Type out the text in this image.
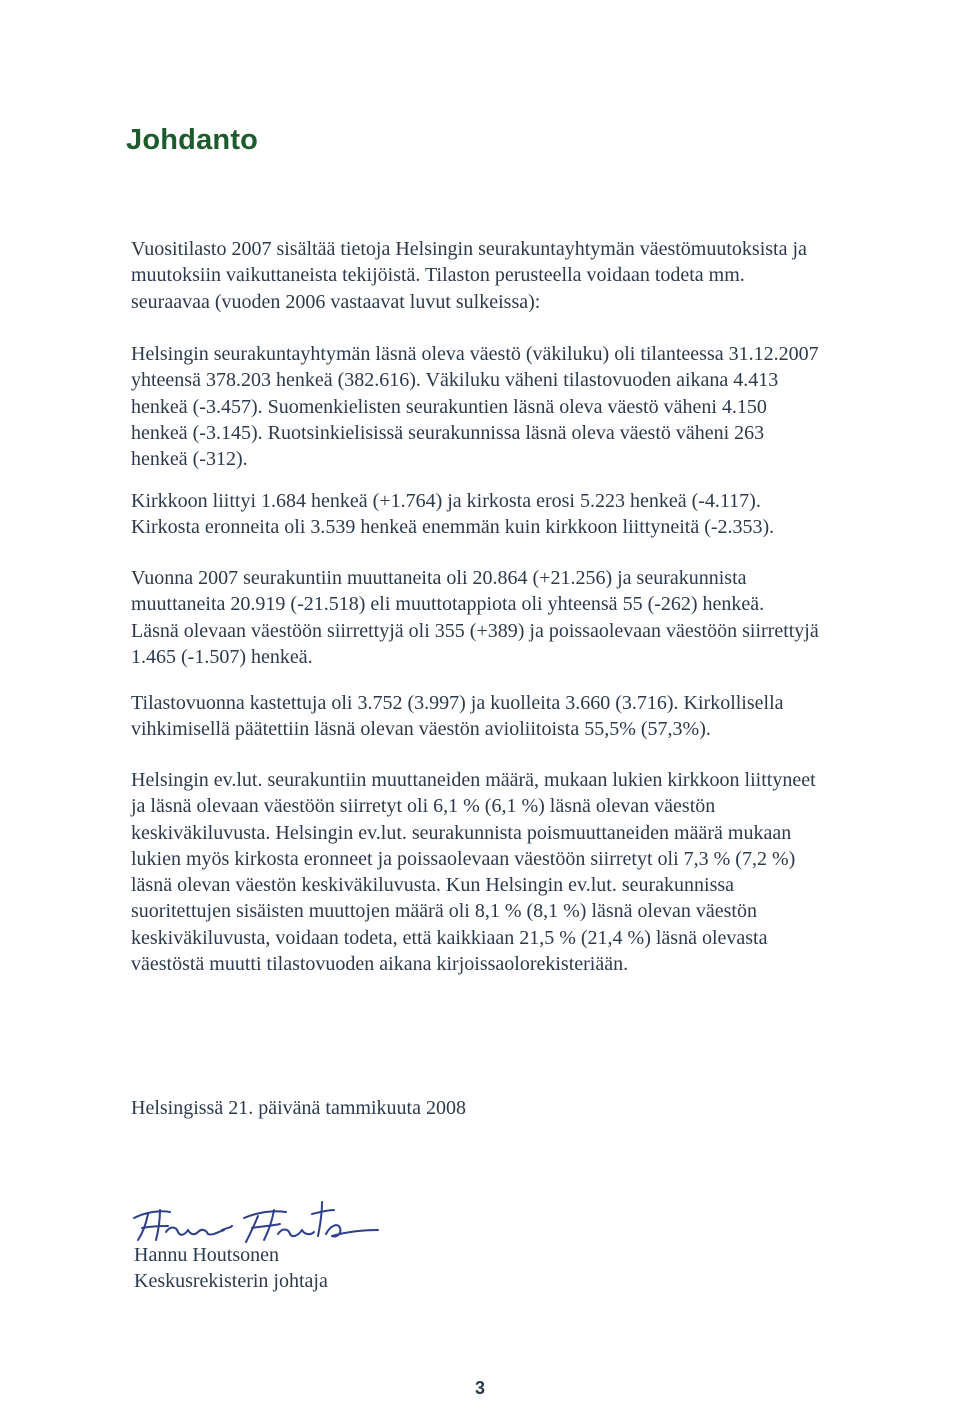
Johdanto

Vuositilasto 2007 sisältää tietoja Helsingin seurakuntayhtymän väestömuutoksista ja
muutoksiin vaikuttaneista tekijöistä. Tilaston perusteella voidaan todeta mm.
seuraavaa (vuoden 2006 vastaavat luvut sulkeissa):

Helsingin seurakuntayhtymän läsnä oleva väestö (väkiluku) oli tilanteessa 31.12.2007
yhteensä 378.203 henkeä (382.616). Väkiluku väheni tilastovuoden aikana 4.413
henkeä (-3.457). Suomenkielisten seurakuntien läsnä oleva väestö väheni 4.150
henkeä (-3.145). Ruotsinkielisissä seurakunnissa läsnä oleva väestö väheni 263
henkeä (-312).

Kirkkoon liittyi 1.684 henkeä (+1.764) ja kirkosta erosi 5.223 henkeä (-4.117).
Kirkosta eronneita oli 3.539 henkeä enemmän kuin kirkkoon liittyneitä (-2.353).

Vuonna 2007 seurakuntiin muuttaneita oli 20.864 (+21.256) ja seurakunnista
muuttaneita 20.919 (-21.518) eli muuttotappiota oli yhteensä 55 (-262) henkeä.
Läsnä olevaan väestöön siirrettyjä oli 355 (+389) ja poissaolevaan väestöön siirrettyjä
1.465 (-1.507) henkeä.

Tilastovuonna kastettuja oli 3.752 (3.997) ja kuolleita 3.660 (3.716). Kirkollisella
vihkimisellä päätettiin läsnä olevan väestön avioliitoista 55,5% (57,3%).

Helsingin ev.lut. seurakuntiin muuttaneiden määrä, mukaan lukien kirkkoon liittyneet
ja läsnä olevaan väestöön siirretyt oli 6,1 % (6,1 %) läsnä olevan väestön
keskiväkiluvusta. Helsingin ev.lut. seurakunnista poismuuttaneiden määrä mukaan
lukien myös kirkosta eronneet ja poissaolevaan väestöön siirretyt oli 7,3 % (7,2 %)
läsnä olevan väestön keskiväkiluvusta. Kun Helsingin ev.lut. seurakunnissa
suoritettujen sisäisten muuttojen määrä oli 8,1 % (8,1 %) läsnä olevan väestön
keskiväkiluvusta, voidaan todeta, että kaikkiaan 21,5 % (21,4 %) läsnä olevasta
väestöstä muutti tilastovuoden aikana kirjoissaolorekisteriään.

Helsingissä 21. päivänä tammikuuta 2008

Hannu Houtsonen
Keskusrekisterin johtaja
3
